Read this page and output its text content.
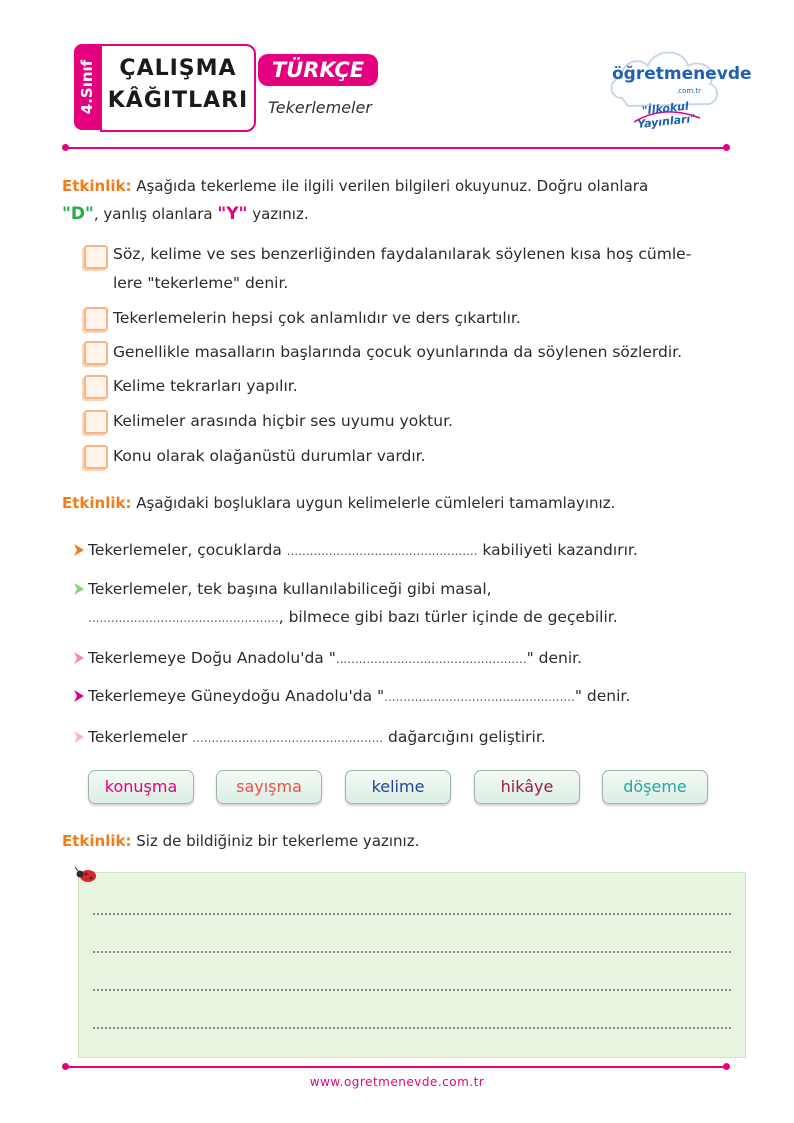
4.Sınıf	ÇALIŞMA
KÂĞITLARI
TÜRKÇE
Tekerlemeler
öğretmenevde
.com.tr
"İlkokul Yayınları"
Etkinlik: Aşağıda tekerleme ile ilgili verilen bilgileri okuyunuz. Doğru olanlara
"D", yanlış olanlara "Y" yazınız.
Söz, kelime ve ses benzerliğinden faydalanılarak söylenen kısa hoş cümle-
lere "tekerleme" denir.
Tekerlemelerin hepsi çok anlamlıdır ve ders çıkartılır.
Genellikle masalların başlarında çocuk oyunlarında da söylenen sözlerdir.
Kelime tekrarları yapılır.
Kelimeler arasında hiçbir ses uyumu yoktur.
Konu olarak olağanüstü durumlar vardır.
Etkinlik: Aşağıdaki boşluklara uygun kelimelerle cümleleri tamamlayınız.
Tekerlemeler, çocuklarda .................................................. kabiliyeti kazandırır.
Tekerlemeler, tek başına kullanılabiliceği gibi masal,
.................................................., bilmece gibi bazı türler içinde de geçebilir.
Tekerlemeye Doğu Anadolu'da ".................................................." denir.
Tekerlemeye Güneydoğu Anadolu'da ".................................................." denir.
Tekerlemeler .................................................. dağarcığını geliştirir.
konuşma	sayışma	kelime	hikâye	döşeme
Etkinlik: Siz de bildiğiniz bir tekerleme yazınız.
www.ogretmenevde.com.tr
